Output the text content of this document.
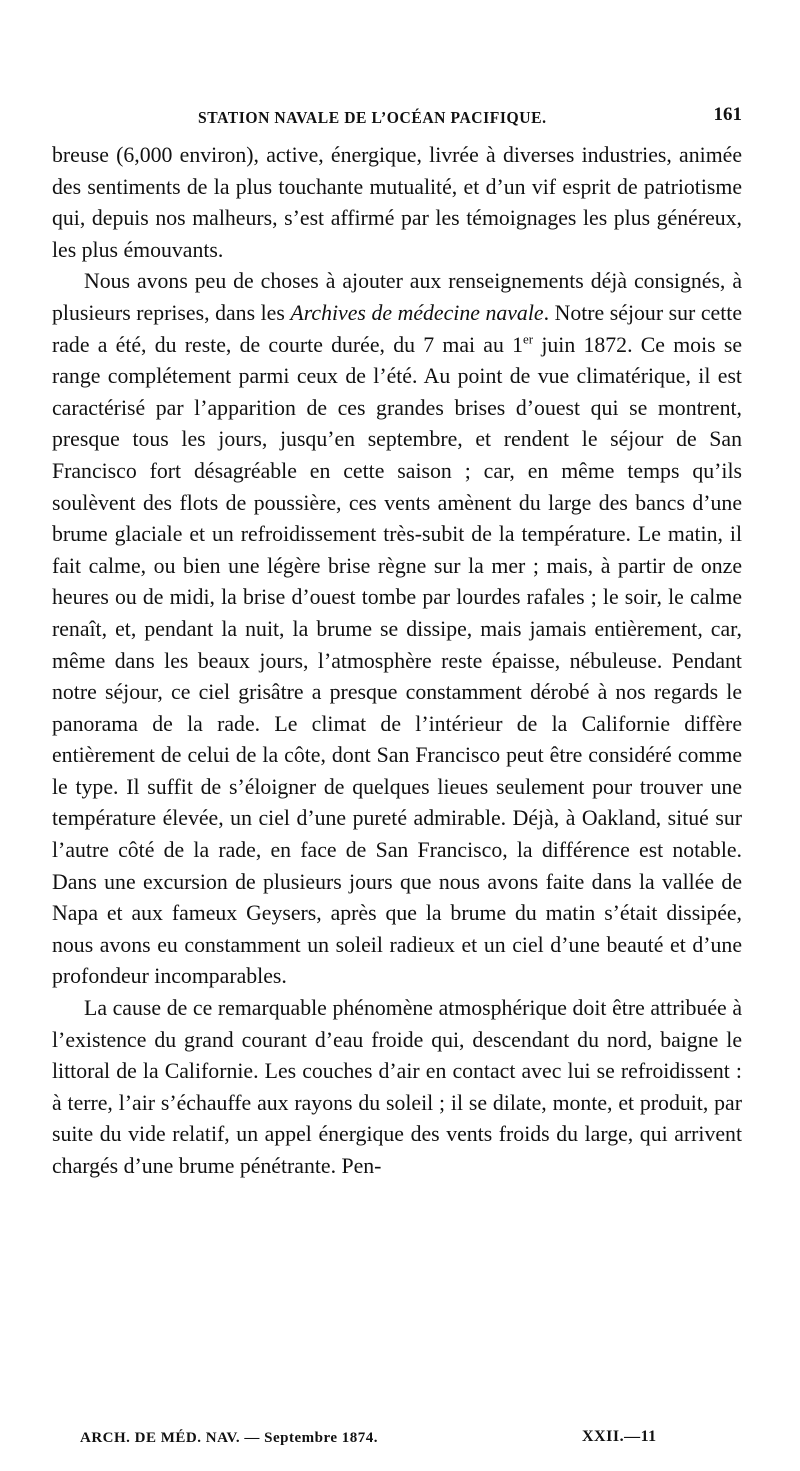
STATION NAVALE DE L’OCÉAN PACIFIQUE.	161

breuse (6,000 environ), active, énergique, livrée à diverses industries, animée des sentiments de la plus touchante mutualité, et d’un vif esprit de patriotisme qui, depuis nos malheurs, s’est affirmé par les témoignages les plus généreux, les plus émouvants.

Nous avons peu de choses à ajouter aux renseignements déjà consignés, à plusieurs reprises, dans les Archives de médecine navale. Notre séjour sur cette rade a été, du reste, de courte durée, du 7 mai au 1er juin 1872. Ce mois se range complétement parmi ceux de l’été. Au point de vue climatérique, il est caractérisé par l’apparition de ces grandes brises d’ouest qui se montrent, presque tous les jours, jusqu’en septembre, et rendent le séjour de San Francisco fort désagréable en cette saison ; car, en même temps qu’ils soulèvent des flots de poussière, ces vents amènent du large des bancs d’une brume glaciale et un refroidissement très-subit de la température. Le matin, il fait calme, ou bien une légère brise règne sur la mer ; mais, à partir de onze heures ou de midi, la brise d’ouest tombe par lourdes rafales ; le soir, le calme renaît, et, pendant la nuit, la brume se dissipe, mais jamais entièrement, car, même dans les beaux jours, l’atmosphère reste épaisse, nébuleuse. Pendant notre séjour, ce ciel grisâtre a presque constamment dérobé à nos regards le panorama de la rade. Le climat de l’intérieur de la Californie diffère entièrement de celui de la côte, dont San Francisco peut être considéré comme le type. Il suffit de s’éloigner de quelques lieues seulement pour trouver une température élevée, un ciel d’une pureté admirable. Déjà, à Oakland, situé sur l’autre côté de la rade, en face de San Francisco, la différence est notable. Dans une excursion de plusieurs jours que nous avons faite dans la vallée de Napa et aux fameux Geysers, après que la brume du matin s’était dissipée, nous avons eu constamment un soleil radieux et un ciel d’une beauté et d’une profondeur incomparables.

La cause de ce remarquable phénomène atmosphérique doit être attribuée à l’existence du grand courant d’eau froide qui, descendant du nord, baigne le littoral de la Californie. Les couches d’air en contact avec lui se refroidissent : à terre, l’air s’échauffe aux rayons du soleil ; il se dilate, monte, et produit, par suite du vide relatif, un appel énergique des vents froids du large, qui arrivent chargés d’une brume pénétrante. Pen-

ARCH. DE MÉD. NAV. — Septembre 1874.	XXII.—11
